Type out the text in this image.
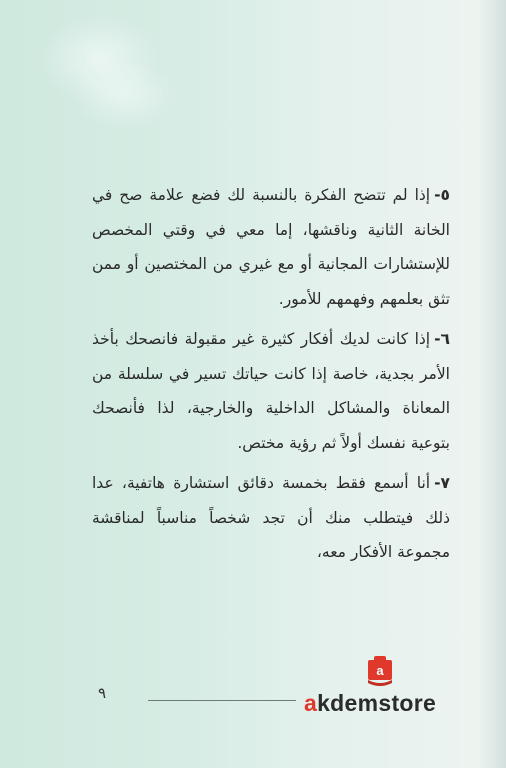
٥-إذا لم تتضح الفكرة بالنسبة لك فضع علامة صح في الخانة الثانية وناقشها، إما معي في وقتي المخصص للإستشارات المجانية أو مع غيري من المختصين أو ممن تثق بعلمهم وفهمهم للأمور.

٦-إذا كانت لديك أفكار كثيرة غير مقبولة فانصحك بأخذ الأمر بجدية، خاصة إذا كانت حياتك تسير في سلسلة من المعاناة والمشاكل الداخلية والخارجية، لذا فأنصحك بتوعية نفسك أولاً ثم رؤية مختص.

٧-أنا أسمع فقط بخمسة دقائق استشارة هاتفية، عدا ذلك فيتطلب منك أن تجد شخصاً مناسباً لمناقشة مجموعة الأفكار معه،

٩
a
akdemstore
